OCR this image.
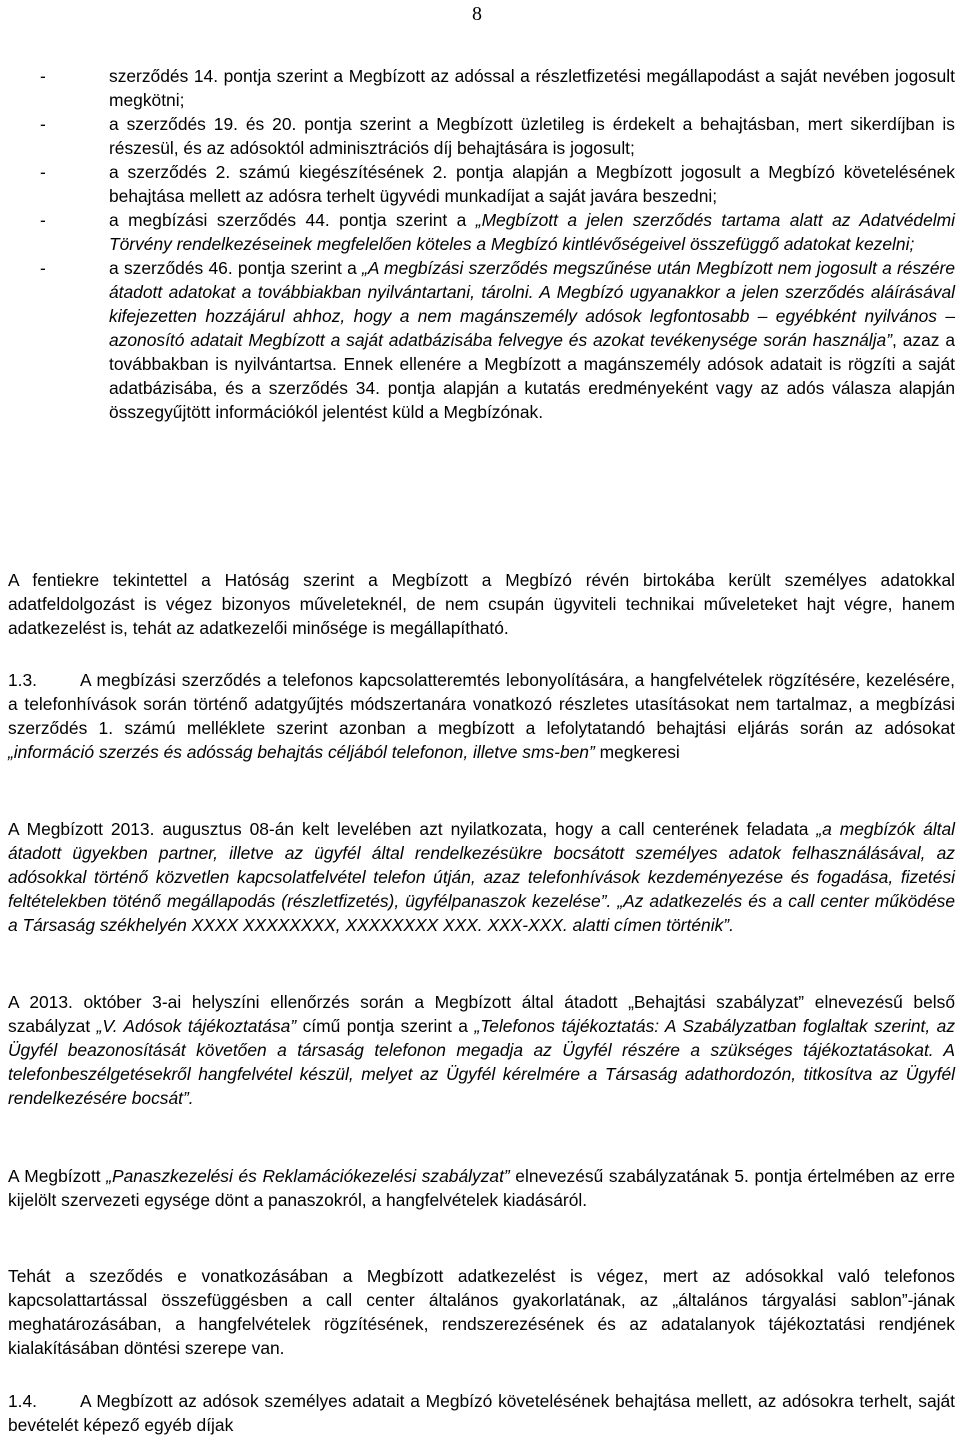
8
- szerződés 14. pontja szerint a Megbízott az adóssal a részletfizetési megállapodást a saját nevében jogosult megkötni;
- a szerződés 19. és 20. pontja szerint a Megbízott üzletileg is érdekelt a behajtásban, mert sikerdíjban is részesül, és az adósoktól adminisztrációs díj behajtására is jogosult;
- a szerződés 2. számú kiegészítésének 2. pontja alapján a Megbízott jogosult a Megbízó követelésének behajtása mellett az adósra terhelt ügyvédi munkadíjat a saját javára beszedni;
- a megbízási szerződés 44. pontja szerint a „Megbízott a jelen szerződés tartama alatt az Adatvédelmi Törvény rendelkezéseinek megfelelően köteles a Megbízó kintlévőségeivel összefüggő adatokat kezelni;
- a szerződés 46. pontja szerint a „A megbízási szerződés megszűnése után Megbízott nem jogosult a részére átadott adatokat a továbbiakban nyilvántartani, tárolni. A Megbízó ugyanakkor a jelen szerződés aláírásával kifejezetten hozzájárul ahhoz, hogy a nem magánszemély adósok legfontosabb – egyébként nyilvános – azonosító adatait Megbízott a saját adatbázisába felvegye és azokat tevékenysége során használja”, azaz a továbbakban is nyilvántartsa. Ennek ellenére a Megbízott a magánszemély adósok adatait is rögzíti a saját adatbázisába, és a szerződés 34. pontja alapján a kutatás eredményeként vagy az adós válasza alapján összegyűjtött információkól jelentést küld a Megbízónak.

A fentiekre tekintettel a Hatóság szerint a Megbízott a Megbízó révén birtokába került személyes adatokkal adatfeldolgozást is végez bizonyos műveleteknél, de nem csupán ügyviteli technikai műveleteket hajt végre, hanem adatkezelést is, tehát az adatkezelői minősége is megállapítható.

1.3. A megbízási szerződés a telefonos kapcsolatteremtés lebonyolítására, a hangfelvételek rögzítésére, kezelésére, a telefonhívások során történő adatgyűjtés módszertanára vonatkozó részletes utasításokat nem tartalmaz, a megbízási szerződés 1. számú melléklete szerint azonban a megbízott a lefolytatandó behajtási eljárás során az adósokat „információ szerzés és adósság behajtás céljából telefonon, illetve sms-ben” megkeresi

A Megbízott 2013. augusztus 08-án kelt levelében azt nyilatkozata, hogy a call centerének feladata „a megbízók által átadott ügyekben partner, illetve az ügyfél által rendelkezésükre bocsátott személyes adatok felhasználásával, az adósokkal történő közvetlen kapcsolatfelvétel telefon útján, azaz telefonhívások kezdeményezése és fogadása, fizetési feltételekben töténő megállapodás (részletfizetés), ügyfélpanaszok kezelése”. „Az adatkezelés és a call center működése a Társaság székhelyén XXXX XXXXXXXX, XXXXXXXX XXX. XXX-XXX. alatti címen történik”.

A 2013. október 3-ai helyszíni ellenőrzés során a Megbízott által átadott „Behajtási szabályzat” elnevezésű belső szabályzat „V. Adósok tájékoztatása” című pontja szerint a „Telefonos tájékoztatás: A Szabályzatban foglaltak szerint, az Ügyfél beazonosítását követően a társaság telefonon megadja az Ügyfél részére a szükséges tájékoztatásokat. A telefonbeszélgetésekről hangfelvétel készül, melyet az Ügyfél kérelmére a Társaság adathordozón, titkosítva az Ügyfél rendelkezésére bocsát”.

A Megbízott „Panaszkezelési és Reklamációkezelési szabályzat” elnevezésű szabályzatának 5. pontja értelmében az erre kijelölt szervezeti egysége dönt a panaszokról, a hangfelvételek kiadásáról.

Tehát a szeződés e vonatkozásában a Megbízott adatkezelést is végez, mert az adósokkal való telefonos kapcsolattartással összefüggésben a call center általános gyakorlatának, az „általános tárgyalási sablon”-jának meghatározásában, a hangfelvételek rögzítésének, rendszerezésének és az adatalanyok tájékoztatási rendjének kialakításában döntési szerepe van.

1.4. A Megbízott az adósok személyes adatait a Megbízó követelésének behajtása mellett, az adósokra terhelt, saját bevételét képező egyéb díjak
